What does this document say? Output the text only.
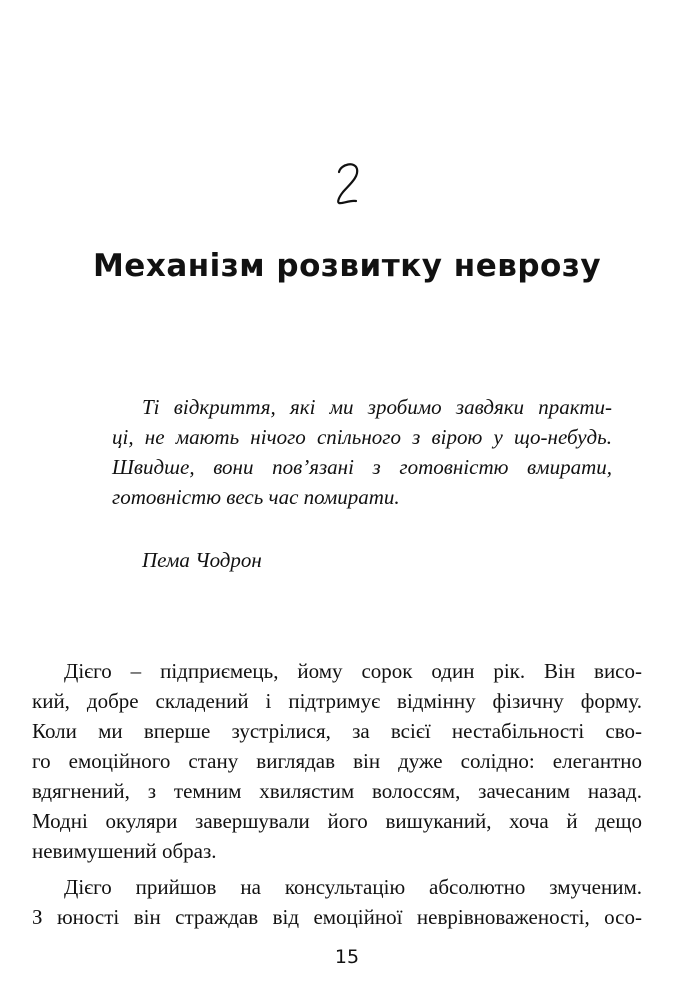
Механізм розвитку неврозу
Ті відкриття, які ми зробимо завдяки практи-
ці, не мають нічого спільного з вірою у що-небудь.
Швидше, вони пов’язані з готовністю вмирати,
готовністю весь час помирати.

Пема Чодрон

Дієго – підприємець, йому сорок один рік. Він висо-
кий, добре складений і підтримує відмінну фізичну форму.
Коли ми вперше зустрілися, за всієї нестабільності сво-
го емоційного стану виглядав він дуже солідно: елегантно
вдягнений, з темним хвилястим волоссям, зачесаним назад.
Модні окуляри завершували його вишуканий, хоча й дещо
невимушений образ.

Дієго прийшов на консультацію абсолютно змученим.
З юності він страждав від емоційної неврівноваженості, осо-

15
